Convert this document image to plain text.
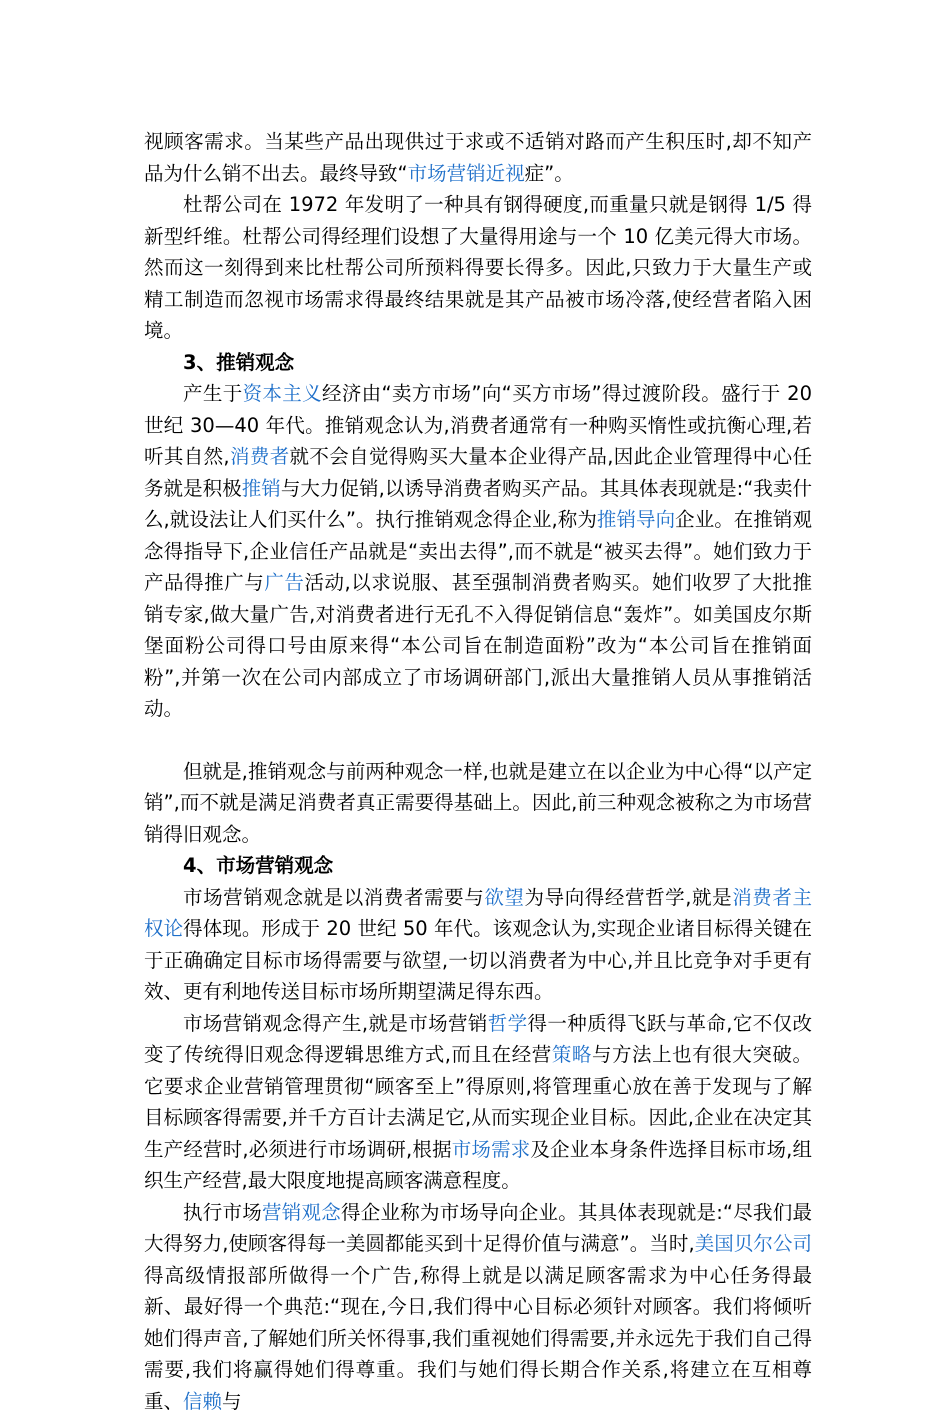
视顾客需求。当某些产品出现供过于求或不适销对路而产生积压时,却不知产品为什么销不出去。最终导致“市场营销近视症”。

杜帮公司在 1972 年发明了一种具有钢得硬度,而重量只就是钢得 1/5 得新型纤维。杜帮公司得经理们设想了大量得用途与一个 10 亿美元得大市场。然而这一刻得到来比杜帮公司所预料得要长得多。因此,只致力于大量生产或精工制造而忽视市场需求得最终结果就是其产品被市场冷落,使经营者陷入困境。

3、推销观念

产生于资本主义经济由“卖方市场”向“买方市场”得过渡阶段。盛行于 20 世纪 30—40 年代。推销观念认为,消费者通常有一种购买惰性或抗衡心理,若听其自然,消费者就不会自觉得购买大量本企业得产品,因此企业管理得中心任务就是积极推销与大力促销,以诱导消费者购买产品。其具体表现就是:“我卖什么,就设法让人们买什么”。执行推销观念得企业,称为推销导向企业。在推销观念得指导下,企业信任产品就是“卖出去得”,而不就是“被买去得”。她们致力于产品得推广与广告活动,以求说服、甚至强制消费者购买。她们收罗了大批推销专家,做大量广告,对消费者进行无孔不入得促销信息“轰炸”。如美国皮尔斯堡面粉公司得口号由原来得“本公司旨在制造面粉”改为“本公司旨在推销面粉”,并第一次在公司内部成立了市场调研部门,派出大量推销人员从事推销活动。

但就是,推销观念与前两种观念一样,也就是建立在以企业为中心得“以产定销”,而不就是满足消费者真正需要得基础上。因此,前三种观念被称之为市场营销得旧观念。

4、市场营销观念

市场营销观念就是以消费者需要与欲望为导向得经营哲学,就是消费者主权论得体现。形成于 20 世纪 50 年代。该观念认为,实现企业诸目标得关键在于正确确定目标市场得需要与欲望,一切以消费者为中心,并且比竞争对手更有效、更有利地传送目标市场所期望满足得东西。

市场营销观念得产生,就是市场营销哲学得一种质得飞跃与革命,它不仅改变了传统得旧观念得逻辑思维方式,而且在经营策略与方法上也有很大突破。它要求企业营销管理贯彻“顾客至上”得原则,将管理重心放在善于发现与了解目标顾客得需要,并千方百计去满足它,从而实现企业目标。因此,企业在决定其生产经营时,必须进行市场调研,根据市场需求及企业本身条件选择目标市场,组织生产经营,最大限度地提高顾客满意程度。

执行市场营销观念得企业称为市场导向企业。其具体表现就是:“尽我们最大得努力,使顾客得每一美圆都能买到十足得价值与满意”。当时,美国贝尔公司得高级情报部所做得一个广告,称得上就是以满足顾客需求为中心任务得最新、最好得一个典范:“现在,今日,我们得中心目标必须针对顾客。我们将倾听她们得声音,了解她们所关怀得事,我们重视她们得需要,并永远先于我们自己得需要,我们将赢得她们得尊重。我们与她们得长期合作关系,将建立在互相尊重、信赖与
